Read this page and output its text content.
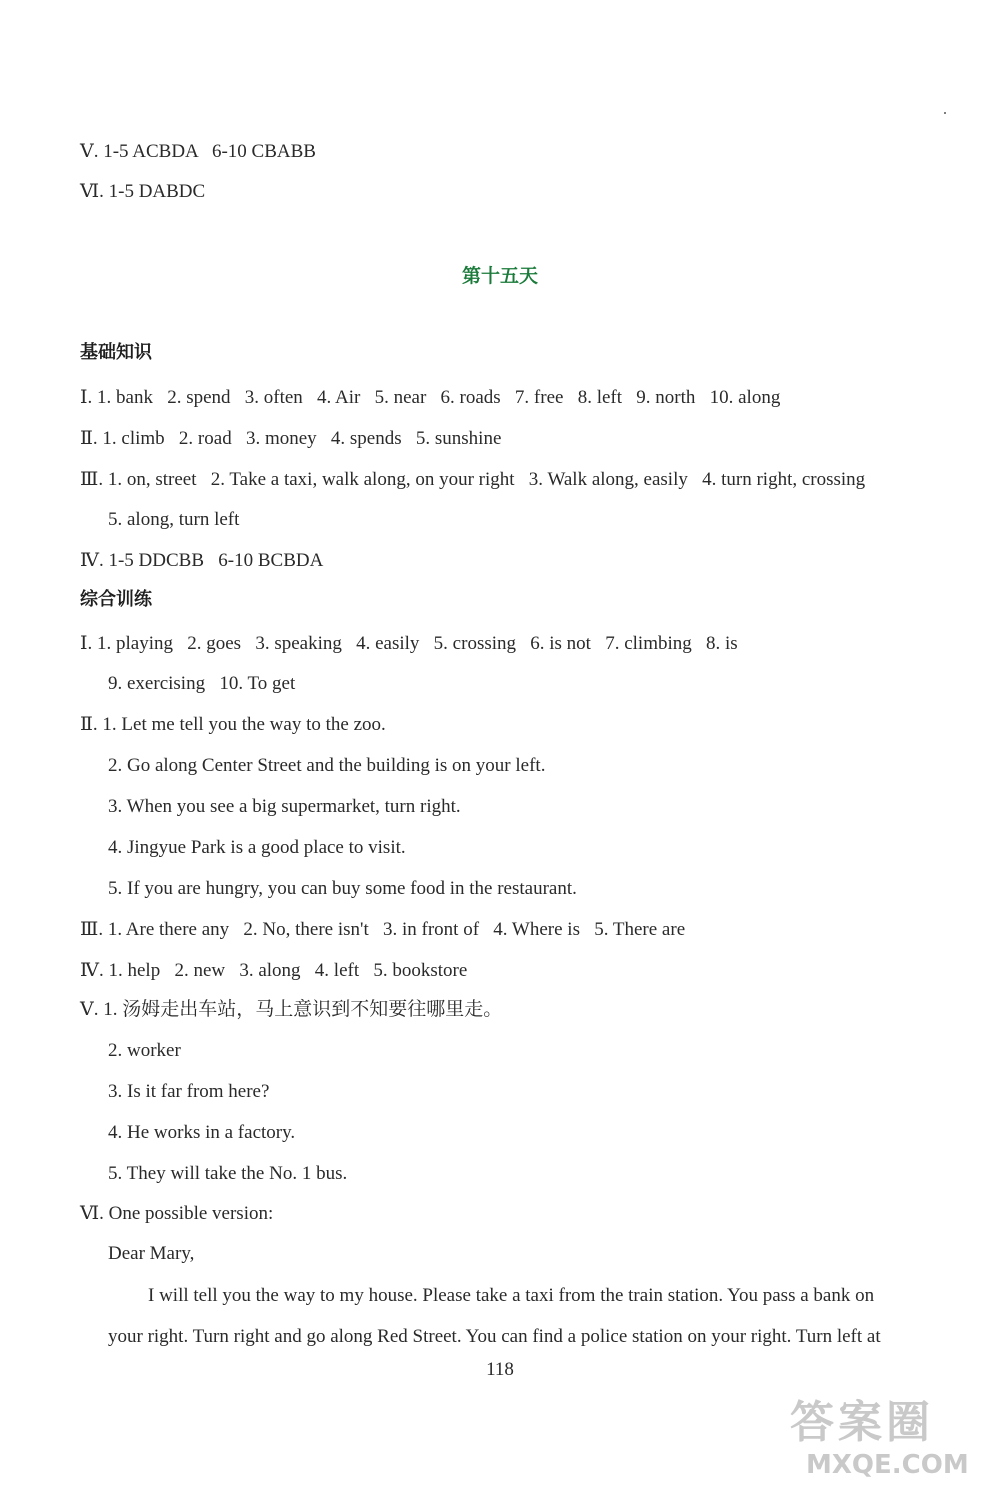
Ⅴ. 1-5 ACBDA   6-10 CBABB
Ⅵ. 1-5 DABDC
第十五天
基础知识
Ⅰ. 1. bank   2. spend   3. often   4. Air   5. near   6. roads   7. free   8. left   9. north   10. along
Ⅱ. 1. climb   2. road   3. money   4. spends   5. sunshine
Ⅲ. 1. on, street   2. Take a taxi, walk along, on your right   3. Walk along, easily   4. turn right, crossing
5. along, turn left
Ⅳ. 1-5 DDCBB   6-10 BCBDA
综合训练
Ⅰ. 1. playing   2. goes   3. speaking   4. easily   5. crossing   6. is not   7. climbing   8. is
9. exercising   10. To get
Ⅱ. 1. Let me tell you the way to the zoo.
2. Go along Center Street and the building is on your left.
3. When you see a big supermarket, turn right.
4. Jingyue Park is a good place to visit.
5. If you are hungry, you can buy some food in the restaurant.
Ⅲ. 1. Are there any   2. No, there isn't   3. in front of   4. Where is   5. There are
Ⅳ. 1. help   2. new   3. along   4. left   5. bookstore
Ⅴ. 1. 汤姆走出车站，马上意识到不知要往哪里走。
2. worker
3. Is it far from here?
4. He works in a factory.
5. They will take the No. 1 bus.
Ⅵ. One possible version:
Dear Mary,
I will tell you the way to my house. Please take a taxi from the train station. You pass a bank on
your right. Turn right and go along Red Street. You can find a police station on your right. Turn left at
118
答案圈
MXQE.COM
